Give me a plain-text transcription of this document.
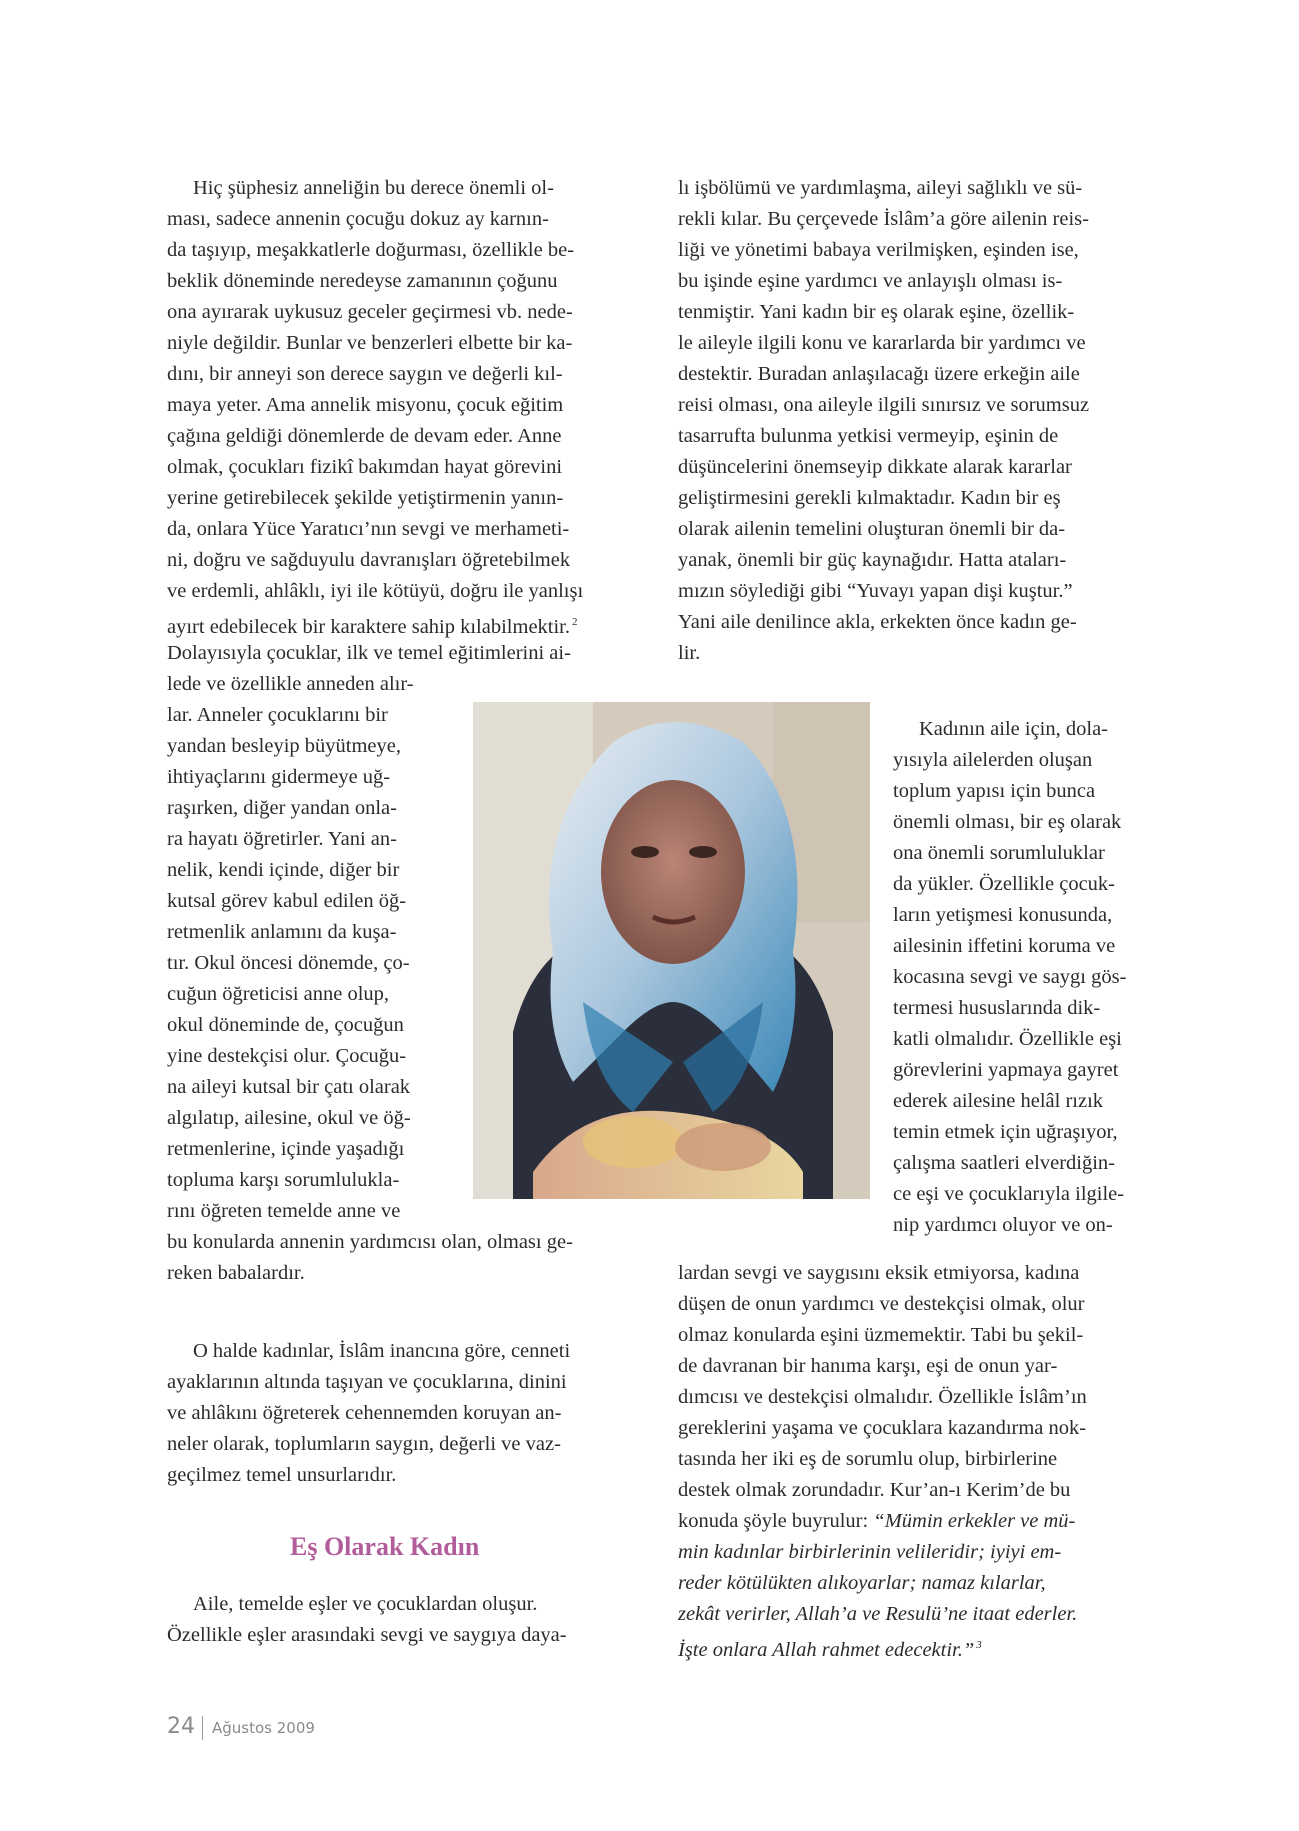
Hiç şüphesiz anneliğin bu derece önemli ol-
ması, sadece annenin çocuğu dokuz ay karnın-
da taşıyıp, meşakkatlerle doğurması, özellikle be-
beklik döneminde neredeyse zamanının çoğunu
ona ayırarak uykusuz geceler geçirmesi vb. nede-
niyle değildir. Bunlar ve benzerleri elbette bir ka-
dını, bir anneyi son derece saygın ve değerli kıl-
maya yeter. Ama annelik misyonu, çocuk eğitim
çağına geldiği dönemlerde de devam eder. Anne
olmak, çocukları fizikî bakımdan hayat görevini
yerine getirebilecek şekilde yetiştirmenin yanın-
da, onlara Yüce Yaratıcı’nın sevgi ve merhameti-
ni, doğru ve sağduyulu davranışları öğretebilmek
ve erdemli, ahlâklı, iyi ile kötüyü, doğru ile yanlışı
ayırt edebilecek bir karaktere sahip kılabilmektir. $^2$
Dolayısıyla çocuklar, ilk ve temel eğitimlerini ai-
lede ve özellikle anneden alır-
lar. Anneler çocuklarını bir
yandan besleyip büyütmeye,
ihtiyaçlarını gidermeye uğ-
raşırken, diğer yandan onla-
ra hayatı öğretirler. Yani an-
nelik, kendi içinde, diğer bir
kutsal görev kabul edilen öğ-
retmenlik anlamını da kuşa-
tır. Okul öncesi dönemde, ço-
cuğun öğreticisi anne olup,
okul döneminde de, çocuğun
yine destekçisi olur. Çocuğu-
na aileyi kutsal bir çatı olarak
algılatıp, ailesine, okul ve öğ-
retmenlerine, içinde yaşadığı
topluma karşı sorumlulukla-
rını öğreten temelde anne ve
bu konularda annenin yardımcısı olan, olması ge-
reken babalardır.
O halde kadınlar, İslâm inancına göre, cenneti
ayaklarının altında taşıyan ve çocuklarına, dinini
ve ahlâkını öğreterek cehennemden koruyan an-
neler olarak, toplumların saygın, değerli ve vaz-
geçilmez temel unsurlarıdır.
Eş Olarak Kadın
Aile, temelde eşler ve çocuklardan oluşur.
Özellikle eşler arasındaki sevgi ve saygıya daya-
lı işbölümü ve yardımlaşma, aileyi sağlıklı ve sü-
rekli kılar. Bu çerçevede İslâm’a göre ailenin reis-
liği ve yönetimi babaya verilmişken, eşinden ise,
bu işinde eşine yardımcı ve anlayışlı olması is-
tenmiştir. Yani kadın bir eş olarak eşine, özellik-
le aileyle ilgili konu ve kararlarda bir yardımcı ve
destektir. Buradan anlaşılacağı üzere erkeğin aile
reisi olması, ona aileyle ilgili sınırsız ve sorumsuz
tasarrufta bulunma yetkisi vermeyip, eşinin de
düşüncelerini önemseyip dikkate alarak kararlar
geliştirmesini gerekli kılmaktadır. Kadın bir eş
olarak ailenin temelini oluşturan önemli bir da-
yanak, önemli bir güç kaynağıdır. Hatta ataları-
mızın söylediği gibi “Yuvayı yapan dişi kuştur.”
Yani aile denilince akla, erkekten önce kadın ge-
lir.
Kadının aile için, dola-
yısıyla ailelerden oluşan
toplum yapısı için bunca
önemli olması, bir eş olarak
ona önemli sorumluluklar
da yükler. Özellikle çocuk-
ların yetişmesi konusunda,
ailesinin iffetini koruma ve
kocasına sevgi ve saygı gös-
termesi hususlarında dik-
katli olmalıdır. Özellikle eşi
görevlerini yapmaya gayret
ederek ailesine helâl rızık
temin etmek için uğraşıyor,
çalışma saatleri elverdiğin-
ce eşi ve çocuklarıyla ilgile-
nip yardımcı oluyor ve on-
lardan sevgi ve saygısını eksik etmiyorsa, kadına
düşen de onun yardımcı ve destekçisi olmak, olur
olmaz konularda eşini üzmemektir. Tabi bu şekil-
de davranan bir hanıma karşı, eşi de onun yar-
dımcısı ve destekçisi olmalıdır. Özellikle İslâm’ın
gereklerini yaşama ve çocuklara kazandırma nok-
tasında her iki eş de sorumlu olup, birbirlerine
destek olmak zorundadır. Kur’an-ı Kerim’de bu
konuda şöyle buyrulur: “Mümin erkekler ve mü-
min kadınlar birbirlerinin velileridir; iyiyi em-
reder kötülükten alıkoyarlar; namaz kılarlar,
zekât verirler, Allah’a ve Resulü’ne itaat ederler.
İşte onlara Allah rahmet edecektir.” $^3$
24 Ağustos 2009
